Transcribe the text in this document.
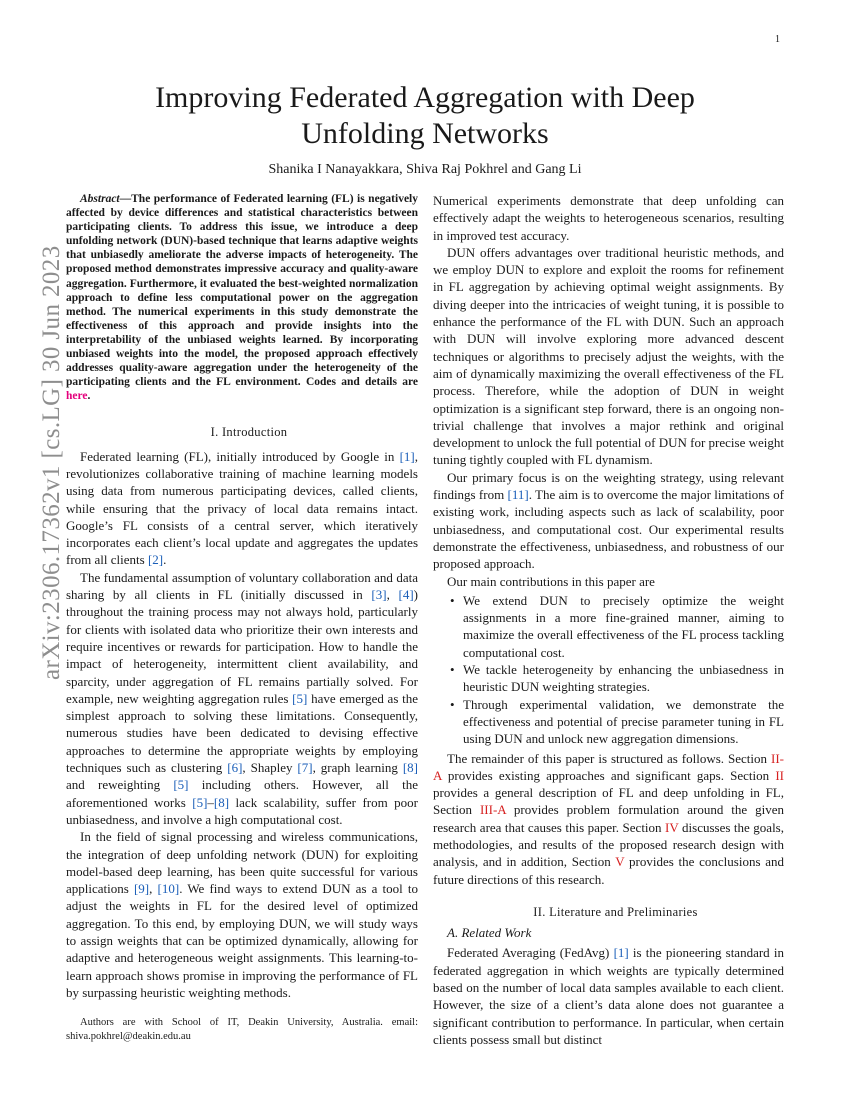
1
arXiv:2306.17362v1 [cs.LG] 30 Jun 2023
Improving Federated Aggregation with Deep Unfolding Networks
Shanika I Nanayakkara, Shiva Raj Pokhrel and Gang Li

Abstract—The performance of Federated learning (FL) is negatively affected by device differences and statistical characteristics between participating clients. To address this issue, we introduce a deep unfolding network (DUN)-based technique that learns adaptive weights that unbiasedly ameliorate the adverse impacts of heterogeneity. The proposed method demonstrates impressive accuracy and quality-aware aggregation. Furthermore, it evaluated the best-weighted normalization approach to define less computational power on the aggregation method. The numerical experiments in this study demonstrate the effectiveness of this approach and provide insights into the interpretability of the unbiased weights learned. By incorporating unbiased weights into the model, the proposed approach effectively addresses quality-aware aggregation under the heterogeneity of the participating clients and the FL environment. Codes and details are here.

I. Introduction

Federated learning (FL), initially introduced by Google in [1], revolutionizes collaborative training of machine learning models using data from numerous participating devices, called clients, while ensuring that the privacy of local data remains intact. Google’s FL consists of a central server, which iteratively incorporates each client’s local update and aggregates the updates from all clients [2].

The fundamental assumption of voluntary collaboration and data sharing by all clients in FL (initially discussed in [3], [4]) throughout the training process may not always hold, particularly for clients with isolated data who prioritize their own interests and require incentives or rewards for participation. How to handle the impact of heterogeneity, intermittent client availability, and sparcity, under aggregation of FL remains partially solved. For example, new weighting aggregation rules [5] have emerged as the simplest approach to solving these limitations. Consequently, numerous studies have been dedicated to devising effective approaches to determine the appropriate weights by employing techniques such as clustering [6], Shapley [7], graph learning [8] and reweighting [5] including others. However, all the aforementioned works [5]–[8] lack scalability, suffer from poor unbiasedness, and involve a high computational cost.

In the field of signal processing and wireless communications, the integration of deep unfolding network (DUN) for exploiting model-based deep learning, has been quite successful for various applications [9], [10]. We find ways to extend DUN as a tool to adjust the weights in FL for the desired level of optimized aggregation. To this end, by employing DUN, we will study ways to assign weights that can be optimized dynamically, allowing for adaptive and heterogeneous weight assignments. This learning-to-learn approach shows promise in improving the performance of FL by surpassing heuristic weighting methods.

Authors are with School of IT, Deakin University, Australia. email: shiva.pokhrel@deakin.edu.au

Numerical experiments demonstrate that deep unfolding can effectively adapt the weights to heterogeneous scenarios, resulting in improved test accuracy.

DUN offers advantages over traditional heuristic methods, and we employ DUN to explore and exploit the rooms for refinement in FL aggregation by achieving optimal weight assignments. By diving deeper into the intricacies of weight tuning, it is possible to enhance the performance of the FL with DUN. Such an approach with DUN will involve exploring more advanced descent techniques or algorithms to precisely adjust the weights, with the aim of dynamically maximizing the overall effectiveness of the FL process. Therefore, while the adoption of DUN in weight optimization is a significant step forward, there is an ongoing non-trivial challenge that involves a major rethink and original development to unlock the full potential of DUN for precise weight tuning tightly coupled with FL dynamism.

Our primary focus is on the weighting strategy, using relevant findings from [11]. The aim is to overcome the major limitations of existing work, including aspects such as lack of scalability, poor unbiasedness, and computational cost. Our experimental results demonstrate the effectiveness, unbiasedness, and robustness of our proposed approach.

Our main contributions in this paper are

• We extend DUN to precisely optimize the weight assignments in a more fine-grained manner, aiming to maximize the overall effectiveness of the FL process tackling computational cost.
• We tackle heterogeneity by enhancing the unbiasedness in heuristic DUN weighting strategies.
• Through experimental validation, we demonstrate the effectiveness and potential of precise parameter tuning in FL using DUN and unlock new aggregation dimensions.

The remainder of this paper is structured as follows. Section II-A provides existing approaches and significant gaps. Section II provides a general description of FL and deep unfolding in FL, Section III-A provides problem formulation around the given research area that causes this paper. Section IV discusses the goals, methodologies, and results of the proposed research design with analysis, and in addition, Section V provides the conclusions and future directions of this research.

II. Literature and Preliminaries

A. Related Work

Federated Averaging (FedAvg) [1] is the pioneering standard in federated aggregation in which weights are typically determined based on the number of local data samples available to each client. However, the size of a client’s data alone does not guarantee a significant contribution to performance. In particular, when certain clients possess small but distinct
